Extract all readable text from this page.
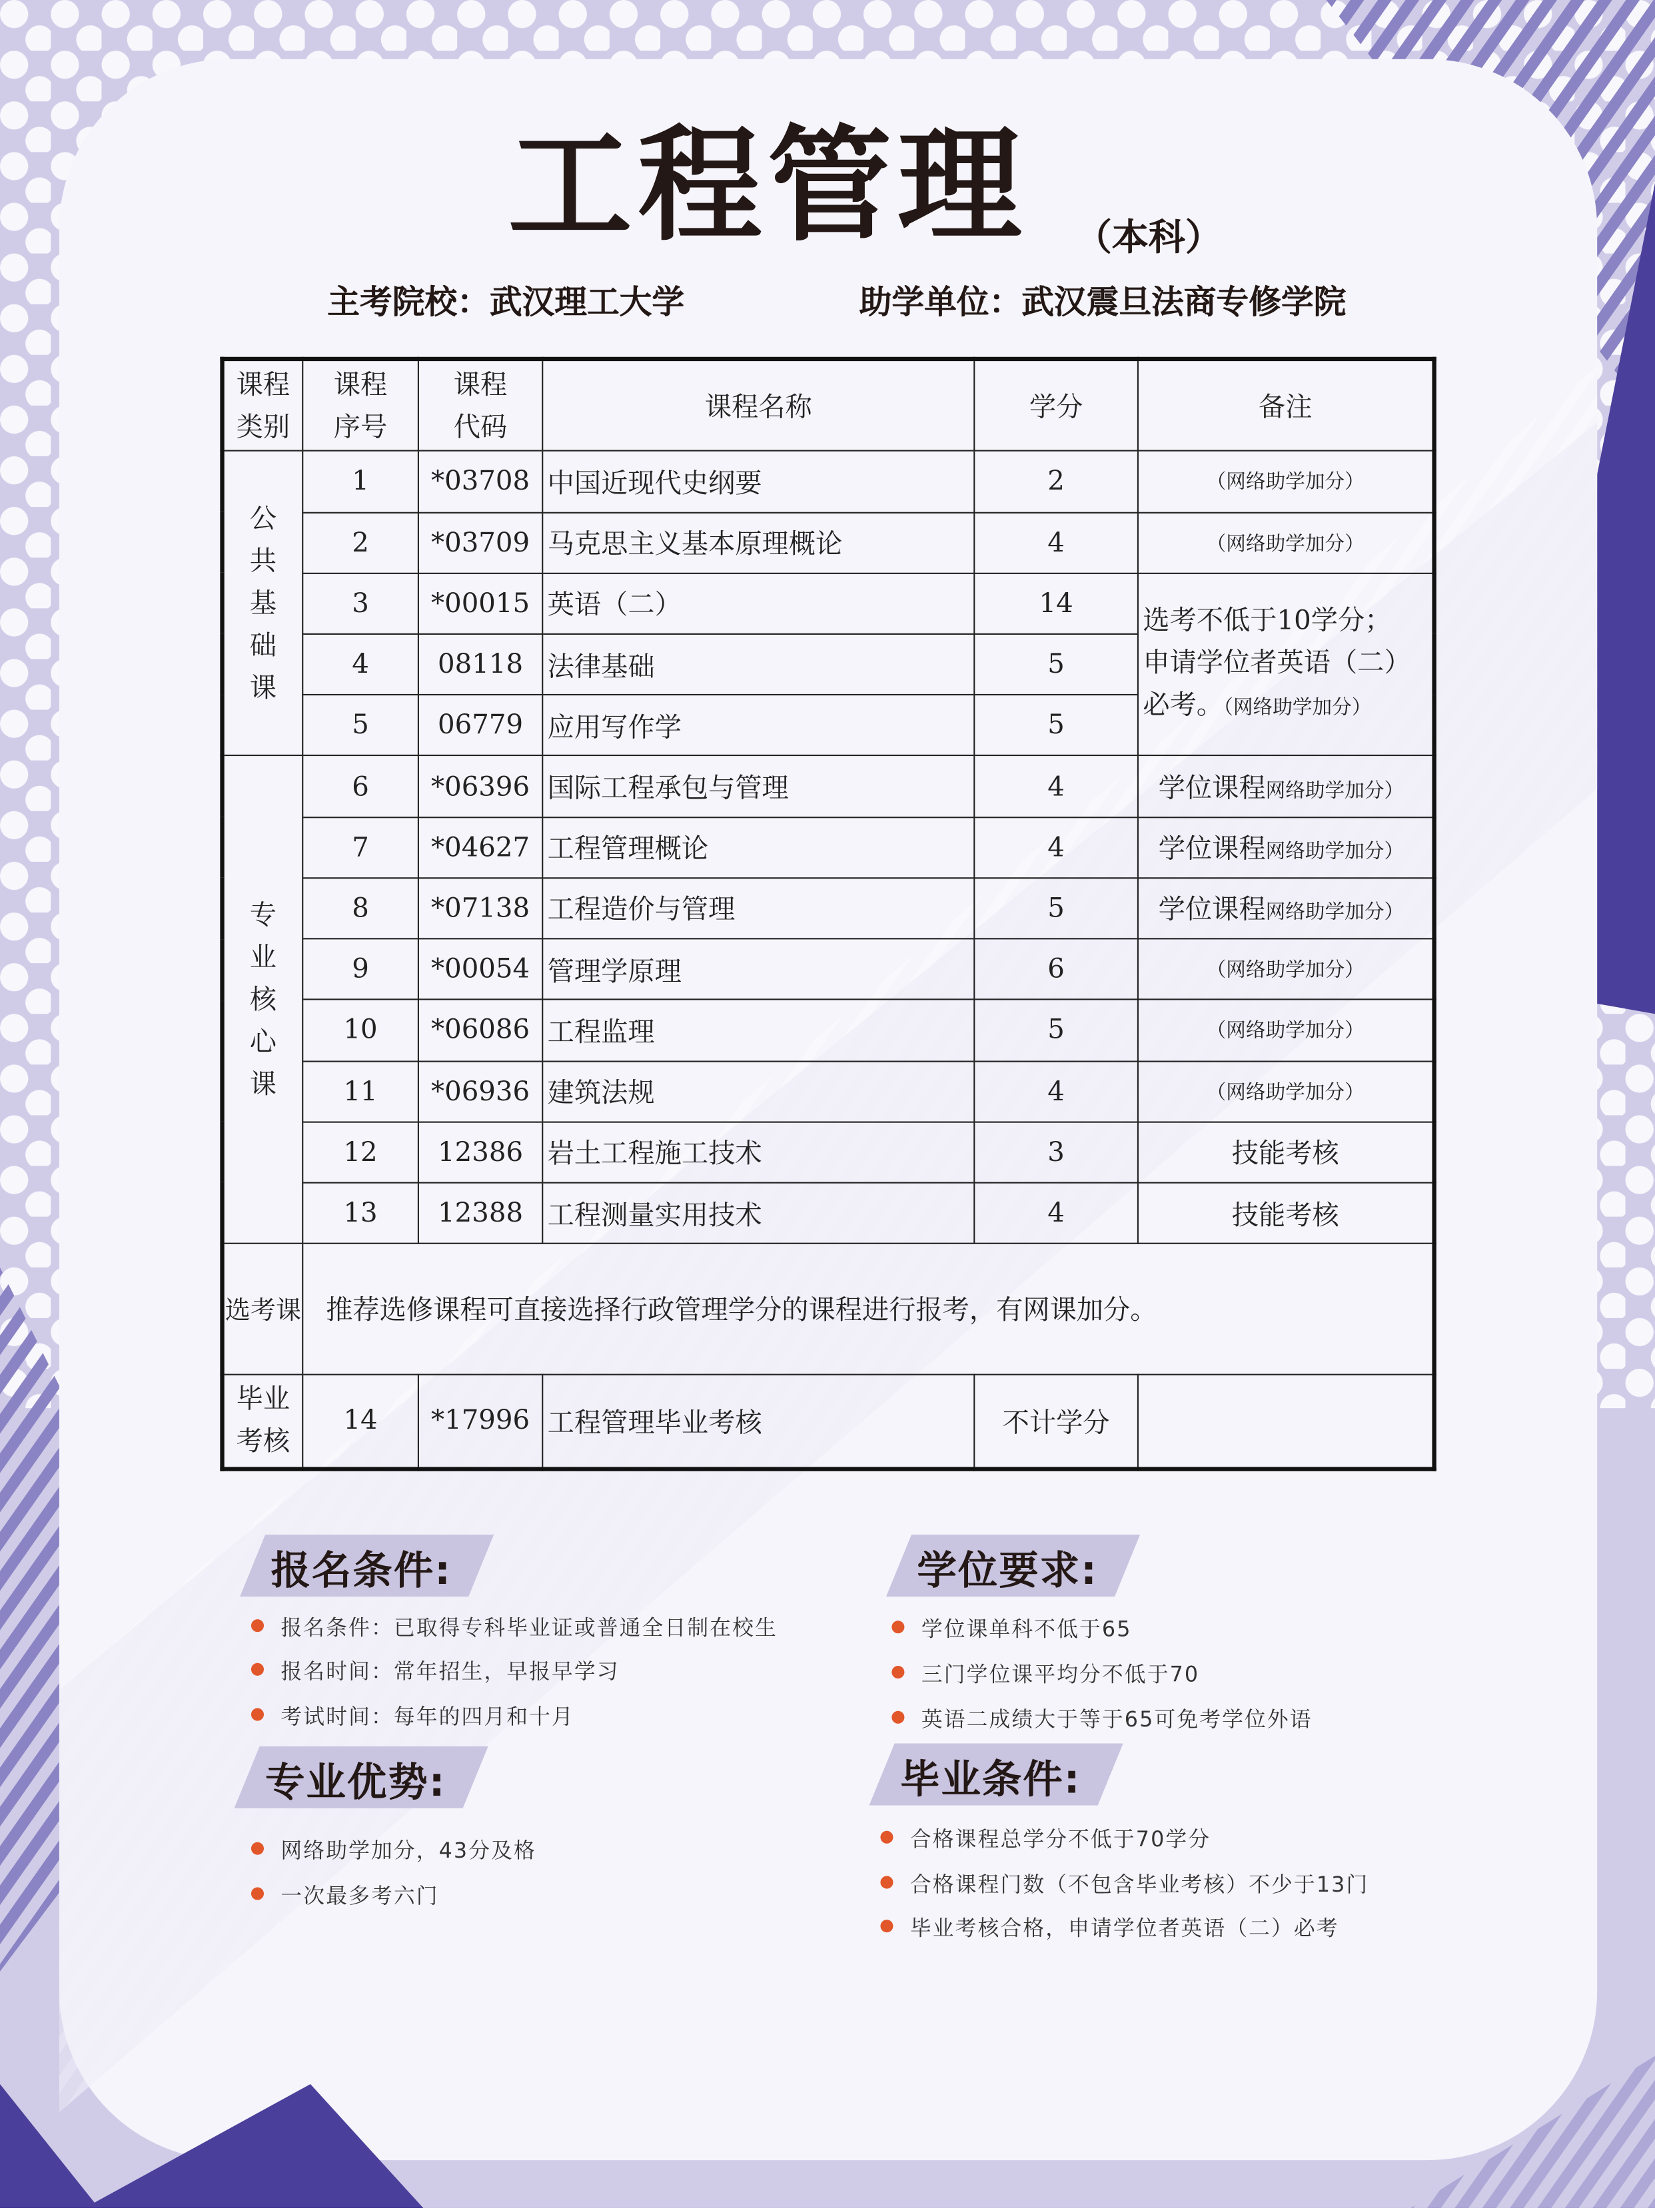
工程管理	（本科）
主考院校：武汉理工大学	助学单位：武汉震旦法商专修学院
课程类别	课程序号	课程代码	课程名称	学分	备注

公共基础课	1	*03708	中国近现代史纲要	2	（网络助学加分）
	2	*03709	马克思主义基本原理概论	4	（网络助学加分）
	3	*00015	英语（二）	14	选考不低于10学分；
申请学位者英语（二）
必考。（网络助学加分）

	4	08118	法律基础	5	
	5	06779	应用写作学	5	

专业核心课	6	*06396	国际工程承包与管理	4	学位课程网络助学加分）
	7	*04627	工程管理概论	4	学位课程网络助学加分）
	8	*07138	工程造价与管理	5	学位课程网络助学加分）
	9	*00054	管理学原理	6	（网络助学加分）
	10	*06086	工程监理	5	（网络助学加分）
	11	*06936	建筑法规	4	（网络助学加分）
	12	12386	岩土工程施工技术	3	技能考核
	13	12388	工程测量实用技术	4	技能考核
选考课	推荐选修课程可直接选择行政管理学分的课程进行报考，有网课加分。				

毕业考核	14	*17996	工程管理毕业考核	不计学分	
报名条件:
报名条件：已取得专科毕业证或普通全日制在校生
报名时间：常年招生，早报早学习
考试时间：每年的四月和十月
学位要求:
学位课单科不低于65
三门学位课平均分不低于70
英语二成绩大于等于65可免考学位外语
专业优势:
网络助学加分，43分及格
一次最多考六门
毕业条件:
合格课程总学分不低于70学分
合格课程门数（不包含毕业考核）不少于13门
毕业考核合格，申请学位者英语（二）必考
